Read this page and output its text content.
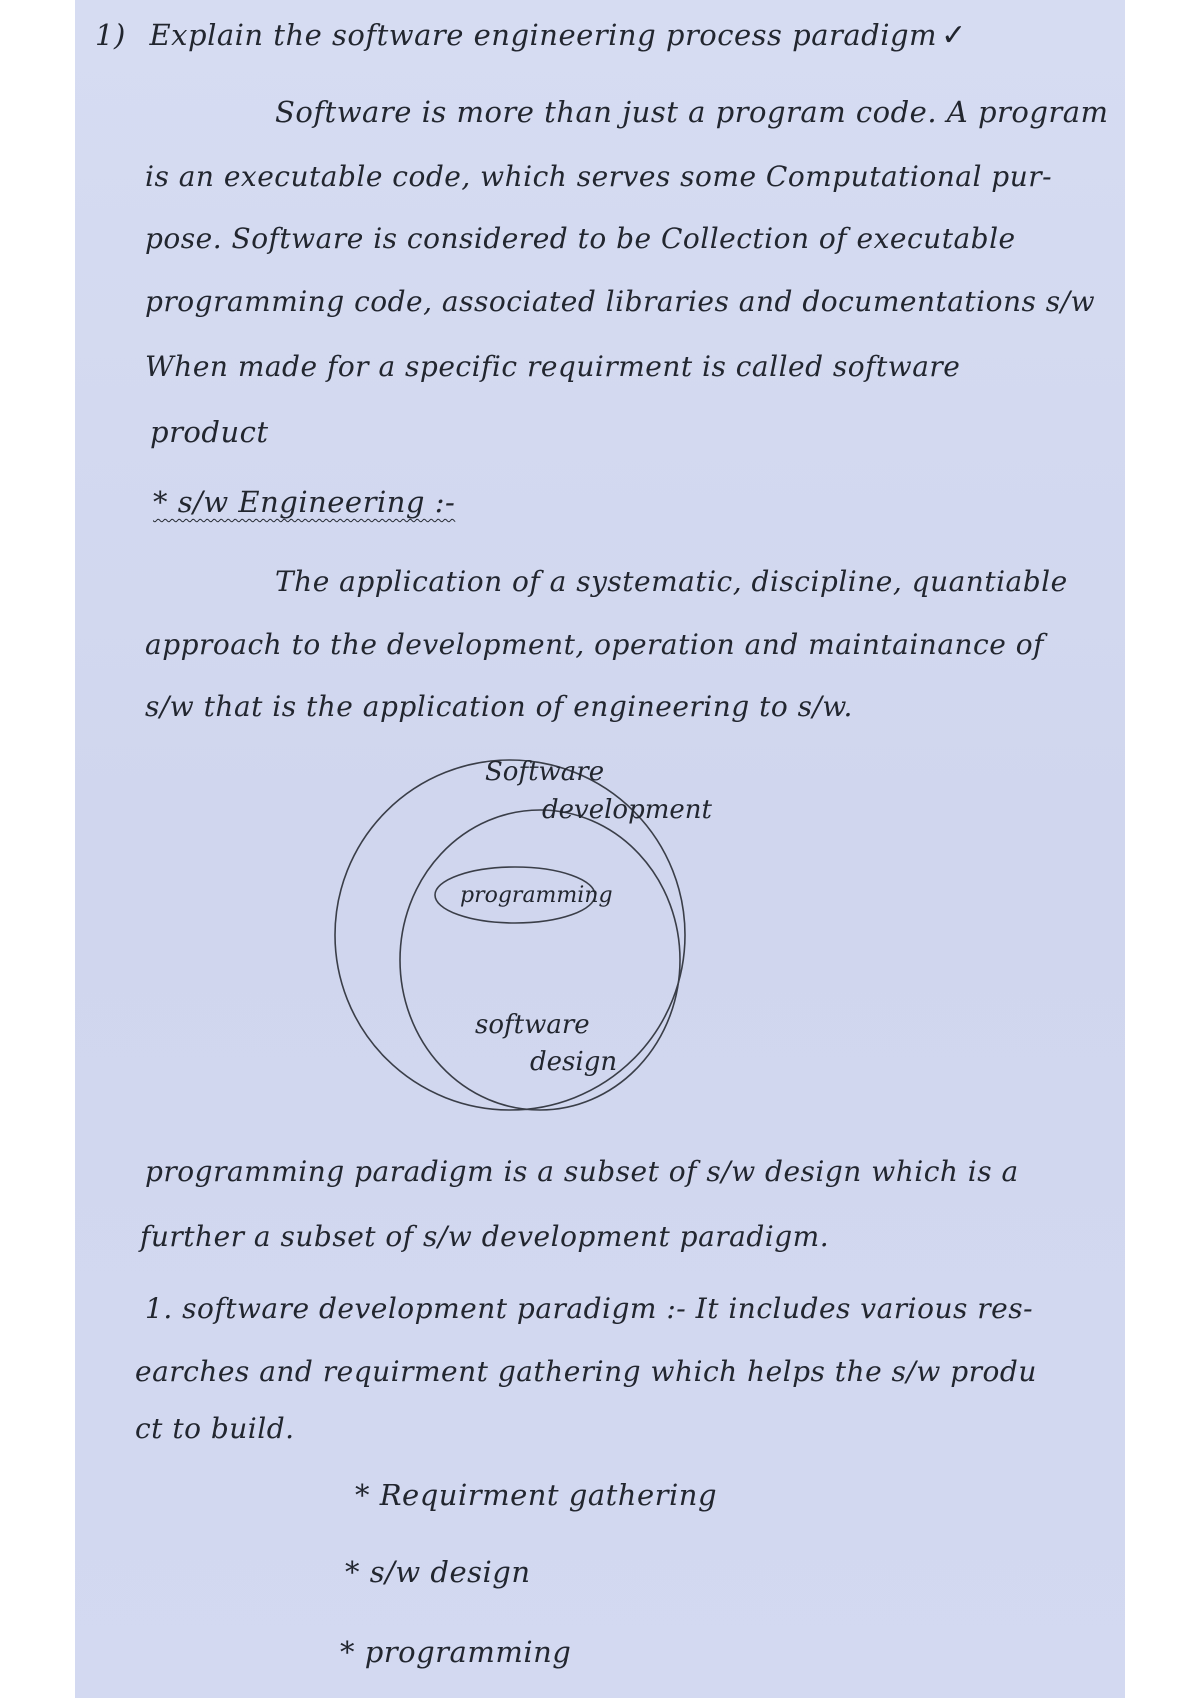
1) Explain the software engineering process paradigm ✓
Software is more than just a program code. A program
is an executable code, which serves some Computational pur-
pose. Software is considered to be Collection of executable
programming code, associated libraries and documentations s/w
When made for a specific requirment is called software
product
* s/w Engineering :-
The application of a systematic, discipline, quantiable
approach to the development, operation and maintainance of
s/w that is the application of engineering to s/w.
programming paradigm is a subset of s/w design which is a
further a subset of s/w development paradigm.
1. software development paradigm :- It includes various res-
earches and requirment gathering which helps the s/w produ
ct to build.
* Requirment gathering
* s/w design
* programming
Software
development
programming
software
design
